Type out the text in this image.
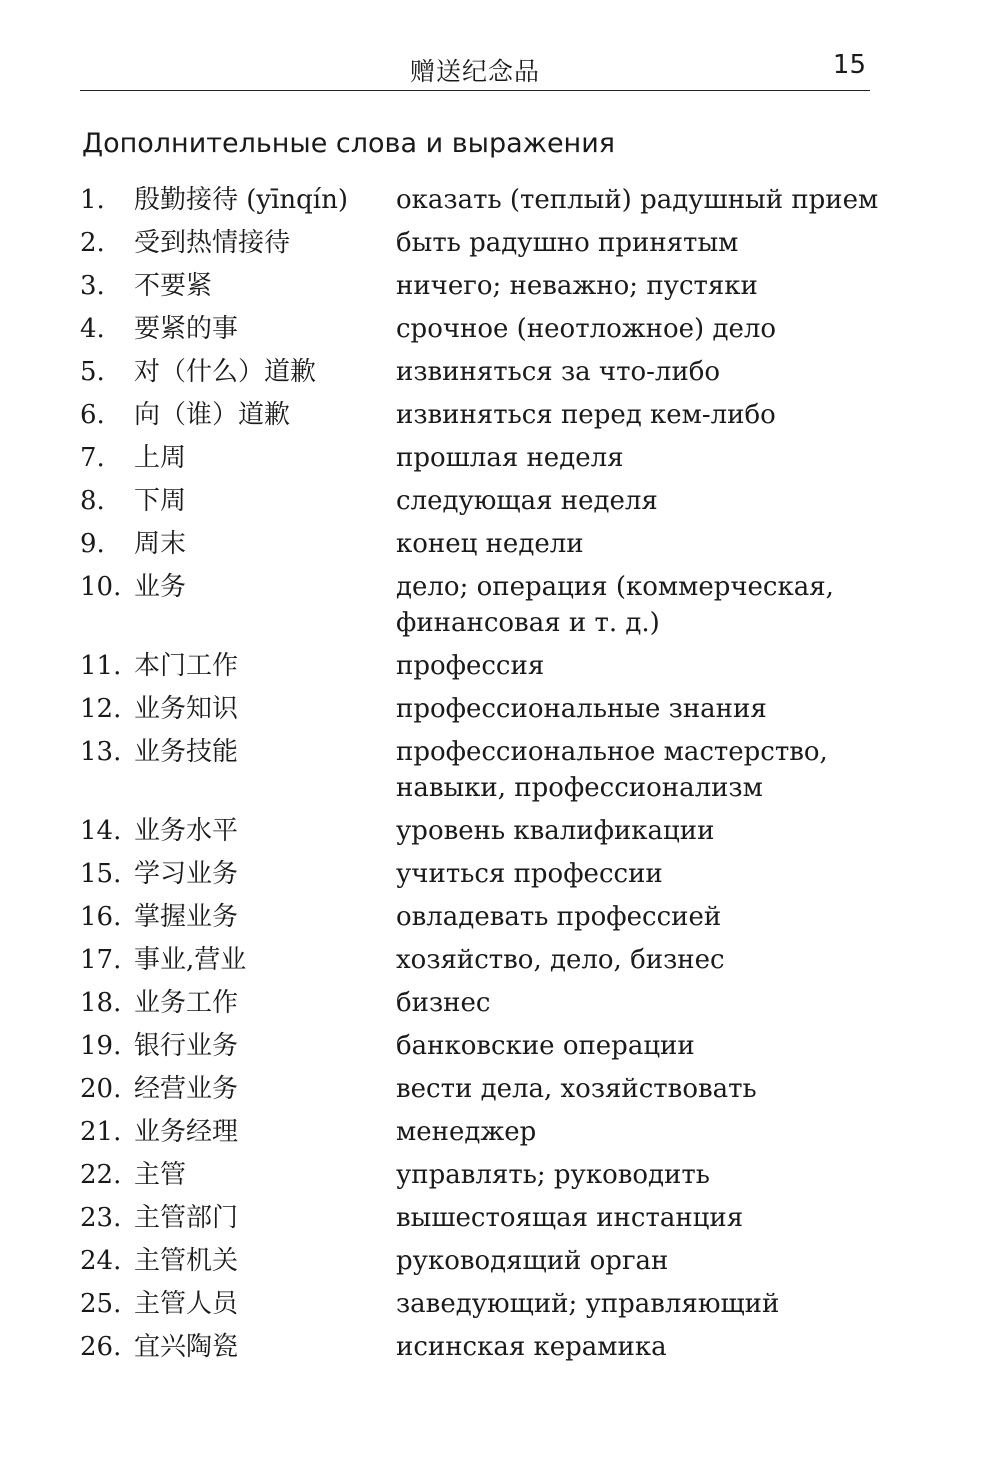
赠送纪念品	15
Дополнительные слова и выражения
1.	殷勤接待 (yīnqín)	оказать (теплый) радушный прием
2.	受到热情接待	быть радушно принятым
3.	不要紧	ничего; неважно; пустяки
4.	要紧的事	срочное (неотложное) дело
5.	对（什么）道歉	извиняться за что-либо
6.	向（谁）道歉	извиняться перед кем-либо
7.	上周	прошлая неделя
8.	下周	следующая неделя
9.	周末	конец недели
10. 业务	дело; операция (коммерческая, финансовая и т. д.)
11. 本门工作	профессия
12. 业务知识	профессиональные знания
13. 业务技能	профессиональное мастерство, навыки, профессионализм
14. 业务水平	уровень квалификации
15. 学习业务	учиться профессии
16. 掌握业务	овладевать профессией
17. 事业,营业	хозяйство, дело, бизнес
18. 业务工作	бизнес
19. 银行业务	банковские операции
20. 经营业务	вести дела, хозяйствовать
21. 业务经理	менеджер
22. 主管	управлять; руководить
23. 主管部门	вышестоящая инстанция
24. 主管机关	руководящий орган
25. 主管人员	заведующий; управляющий
26. 宜兴陶瓷	исинская керамика
